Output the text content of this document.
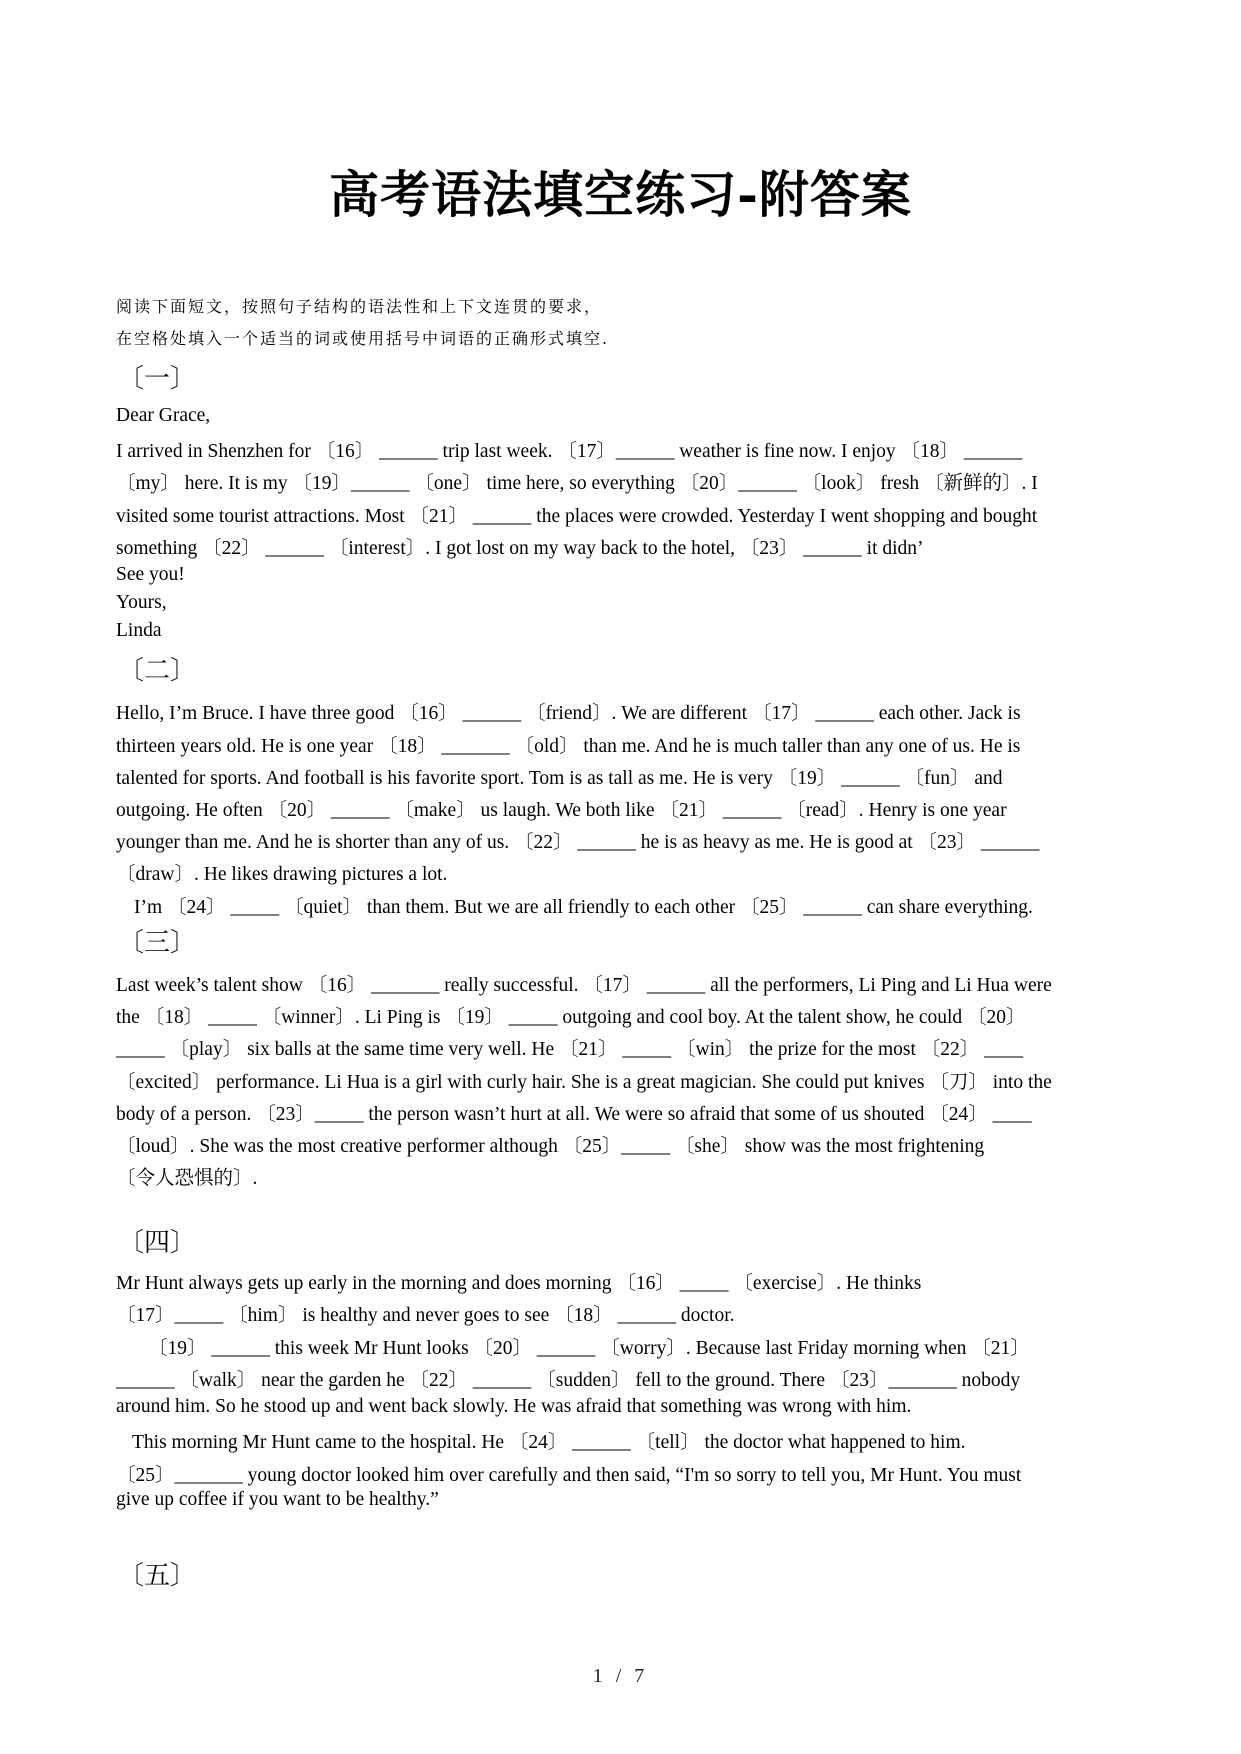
高考语法填空练习-附答案
阅读下面短文，按照句子结构的语法性和上下文连贯的要求，
在空格处填入一个适当的词或使用括号中词语的正确形式填空.
〔一〕
Dear Grace,
I arrived in Shenzhen for 〔16〕 ______ trip last week. 〔17〕______ weather is fine now. I enjoy 〔18〕 ______
〔my〕 here. It is my 〔19〕______ 〔one〕 time here, so everything 〔20〕______ 〔look〕 fresh 〔新鲜的〕. I
visited some tourist attractions. Most 〔21〕 ______ the places were crowded. Yesterday I went shopping and bought
something 〔22〕 ______ 〔interest〕. I got lost on my way back to the hotel, 〔23〕 ______ it didn’
See you!
Yours,
Linda
〔二〕
Hello, I’m Bruce. I have three good 〔16〕 ______ 〔friend〕. We are different 〔17〕 ______ each other. Jack is
thirteen years old. He is one year 〔18〕 _______ 〔old〕 than me. And he is much taller than any one of us. He is
talented for sports. And football is his favorite sport. Tom is as tall as me. He is very 〔19〕 ______ 〔fun〕 and
outgoing. He often 〔20〕 ______ 〔make〕 us laugh. We both like 〔21〕 ______ 〔read〕. Henry is one year
younger than me. And he is shorter than any of us. 〔22〕 ______ he is as heavy as me. He is good at 〔23〕 ______
〔draw〕. He likes drawing pictures a lot.
I’m 〔24〕 _____ 〔quiet〕 than them. But we are all friendly to each other 〔25〕 ______ can share everything.
〔三〕
Last week’s talent show 〔16〕 _______ really successful. 〔17〕 ______ all the performers, Li Ping and Li Hua were
the 〔18〕 _____ 〔winner〕. Li Ping is 〔19〕 _____ outgoing and cool boy. At the talent show, he could 〔20〕
_____ 〔play〕 six balls at the same time very well. He 〔21〕 _____ 〔win〕 the prize for the most 〔22〕 ____
〔excited〕 performance. Li Hua is a girl with curly hair. She is a great magician. She could put knives 〔刀〕 into the
body of a person. 〔23〕_____ the person wasn’t hurt at all. We were so afraid that some of us shouted 〔24〕 ____
〔loud〕. She was the most creative performer although 〔25〕_____ 〔she〕 show was the most frightening
〔令人恐惧的〕.
〔四〕
Mr Hunt always gets up early in the morning and does morning 〔16〕 _____ 〔exercise〕. He thinks
〔17〕_____ 〔him〕 is healthy and never goes to see 〔18〕 ______ doctor.
〔19〕 ______ this week Mr Hunt looks 〔20〕 ______ 〔worry〕. Because last Friday morning when 〔21〕
______ 〔walk〕 near the garden he 〔22〕 ______ 〔sudden〕 fell to the ground. There 〔23〕_______ nobody
around him. So he stood up and went back slowly. He was afraid that something was wrong with him.
This morning Mr Hunt came to the hospital. He 〔24〕 ______ 〔tell〕 the doctor what happened to him.
〔25〕_______ young doctor looked him over carefully and then said, “I'm so sorry to tell you, Mr Hunt. You must
give up coffee if you want to be healthy.”
〔五〕
1 / 7
